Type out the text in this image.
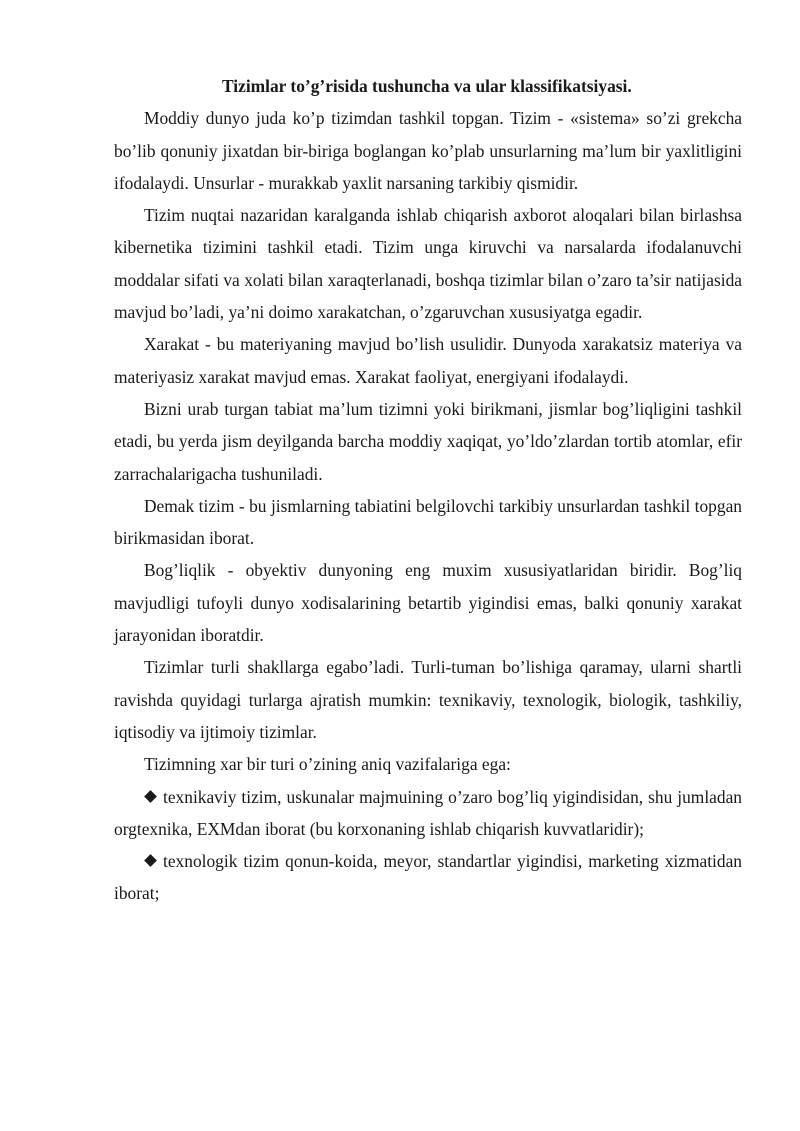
Tizimlar to’g’risida tushuncha va ular klassifikatsiyasi.

Moddiy dunyo juda ko’p tizimdan tashkil topgan. Tizim - «sistema» so’zi grekcha bo’lib qonuniy jixatdan bir-biriga boglangan ko’plab unsurlarning ma’lum bir yaxlitligini ifodalaydi. Unsurlar - murakkab yaxlit narsaning tarkibiy qismidir.

Tizim nuqtai nazaridan karalganda ishlab chiqarish axborot aloqalari bilan birlashsa kibernetika tizimini tashkil etadi. Tizim unga kiruvchi va narsalarda ifodalanuvchi moddalar sifati va xolati bilan xaraqterlanadi, boshqa tizimlar bilan o’zaro ta’sir natijasida mavjud bo’ladi, ya’ni doimo xarakatchan, o’zgaruvchan xususiyatga egadir.

Xarakat - bu materiyaning mavjud bo’lish usulidir. Dunyoda xarakatsiz materiya va materiyasiz xarakat mavjud emas. Xarakat faoliyat, energiyani ifodalaydi.

Bizni urab turgan tabiat ma’lum tizimni yoki birikmani, jismlar bog’liqligini tashkil etadi, bu yerda jism deyilganda barcha moddiy xaqiqat, yo’ldo’zlardan tortib atomlar, efir zarrachalarigacha tushuniladi.

Demak tizim - bu jismlarning tabiatini belgilovchi tarkibiy unsurlardan tashkil topgan birikmasidan iborat.

Bog’liqlik - obyektiv dunyoning eng muxim xususiyatlaridan biridir. Bog’liq mavjudligi tufoyli dunyo xodisalarining betartib yigindisi emas, balki qonuniy xarakat jarayonidan iboratdir.

Tizimlar turli shakllarga egabo’ladi. Turli-tuman bo’lishiga qaramay, ularni shartli ravishda quyidagi turlarga ajratish mumkin: texnikaviy, texnologik, biologik, tashkiliy, iqtisodiy va ijtimoiy tizimlar.

Tizimning xar bir turi o’zining aniq vazifalariga ega:

texnikaviy tizim, uskunalar majmuining o’zaro bog’liq yigindisidan, shu jumladan orgtexnika, EXMdan iborat (bu korxonaning ishlab chiqarish kuvvatlaridir);

texnologik tizim qonun-koida, meyor, standartlar yigindisi, marketing xizmatidan iborat;
